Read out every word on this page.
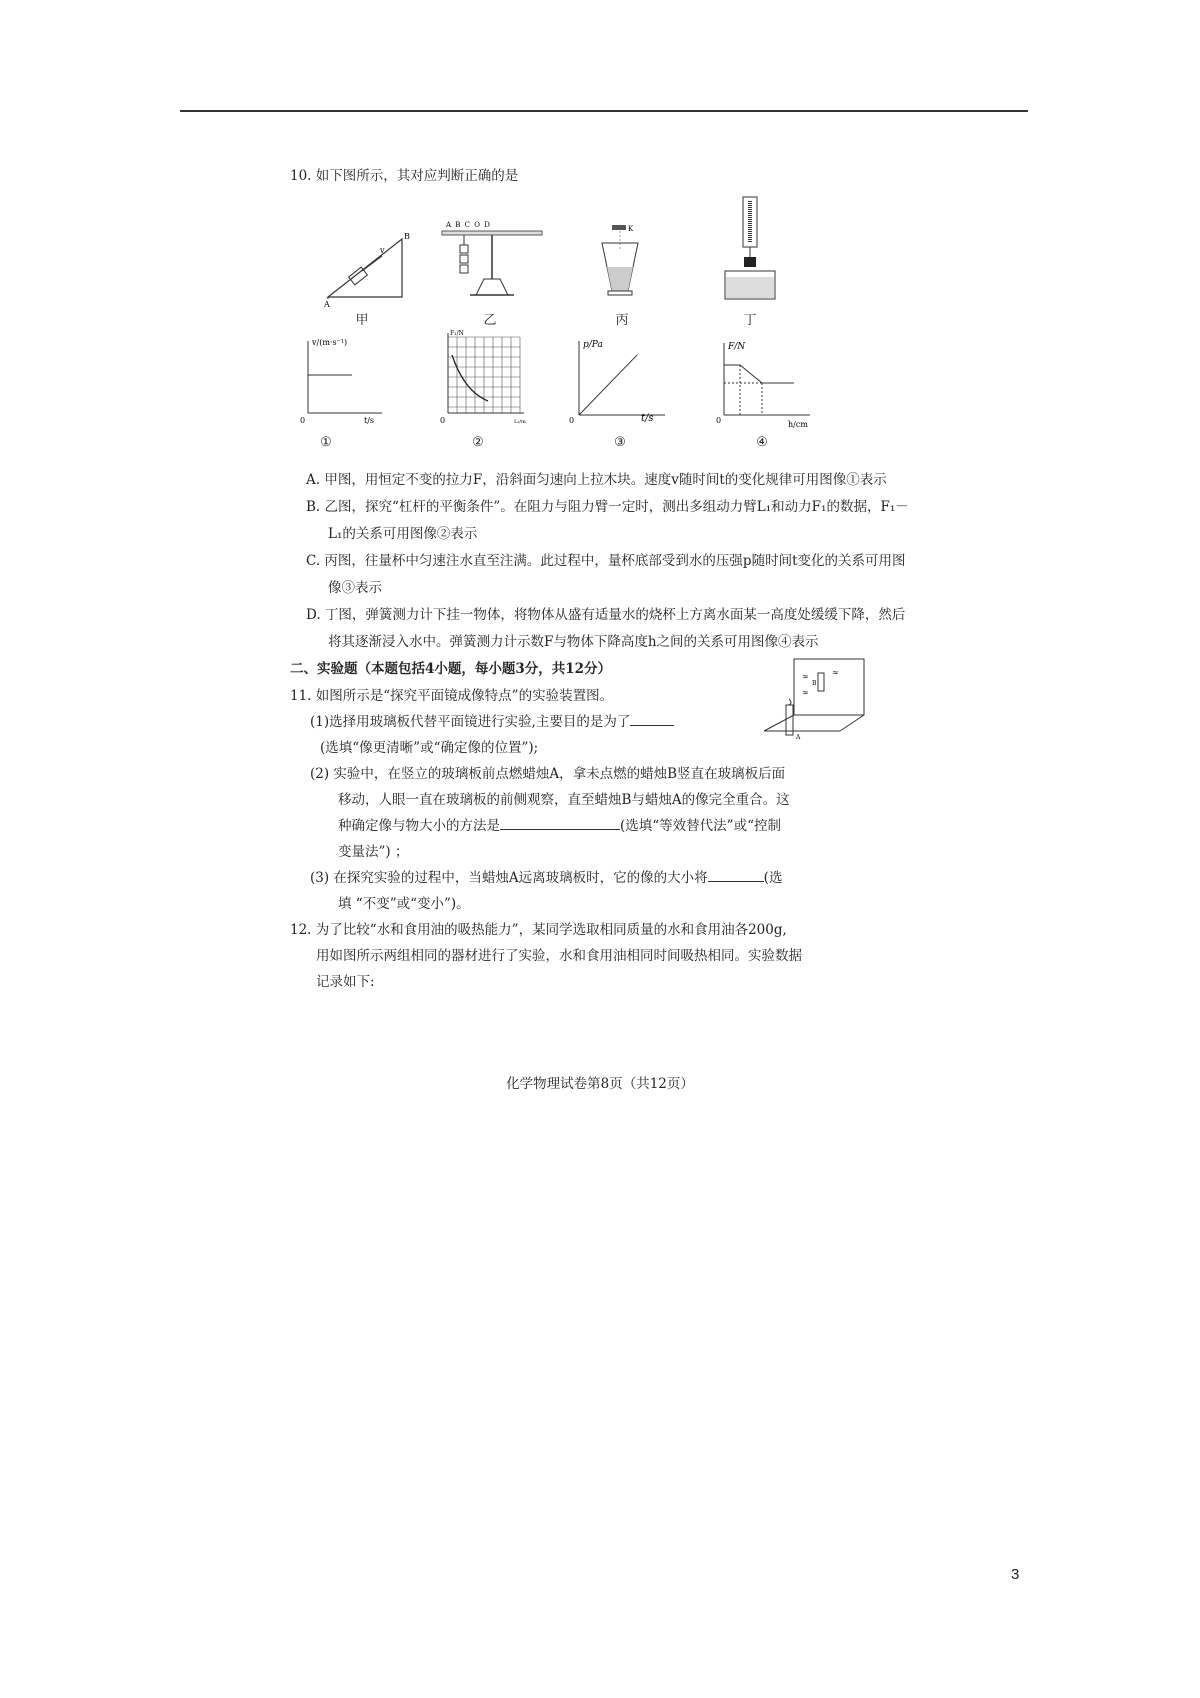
10. 如下图所示，其对应判断正确的是
B
A
v
甲
A B C O D
乙
K
丙	丁
v/(m·s⁻¹)
t/s
0
①
F₁/N
L₁/m
0
②
p/Pa
t/s
0
③
F/N
h/cm
0
④
A. 甲图，用恒定不变的拉力F，沿斜面匀速向上拉木块。速度v随时间t的变化规律可用图像①表示
B. 乙图，探究“杠杆的平衡条件”。在阻力与阻力臂一定时，测出多组动力臂L₁和动力F₁的数据，F₁－L₁的关系可用图像②表示
C. 丙图，往量杯中匀速注水直至注满。此过程中，量杯底部受到水的压强p随时间t变化的关系可用图像③表示
D. 丁图，弹簧测力计下挂一物体，将物体从盛有适量水的烧杯上方离水面某一高度处缓缓下降，然后将其逐渐浸入水中。弹簧测力计示数F与物体下降高度h之间的关系可用图像④表示
二、实验题（本题包括4小题，每小题3分，共12分）	≈
≈
≈
B
A
11. 如图所示是“探究平面镜成像特点”的实验装置图。
(1)选择用玻璃板代替平面镜进行实验,主要目的是为了
(选填“像更清晰”或“确定像的位置”);
(2) 实验中，在竖立的玻璃板前点燃蜡烛A，拿未点燃的蜡烛B竖直在玻璃板后面
移动，人眼一直在玻璃板的前侧观察，直至蜡烛B与蜡烛A的像完全重合。这
种确定像与物大小的方法是	(选填“等效替代法”或“控制
变量法”) ；
(3) 在探究实验的过程中，当蜡烛A远离玻璃板时，它的像的大小将	(选
填 “不变”或“变小”)。
12. 为了比较“水和食用油的吸热能力”，某同学选取相同质量的水和食用油各200g,
用如图所示两组相同的器材进行了实验，水和食用油相同时间吸热相同。实验数据
记录如下:
化学物理试卷第8页（共12页）
3
